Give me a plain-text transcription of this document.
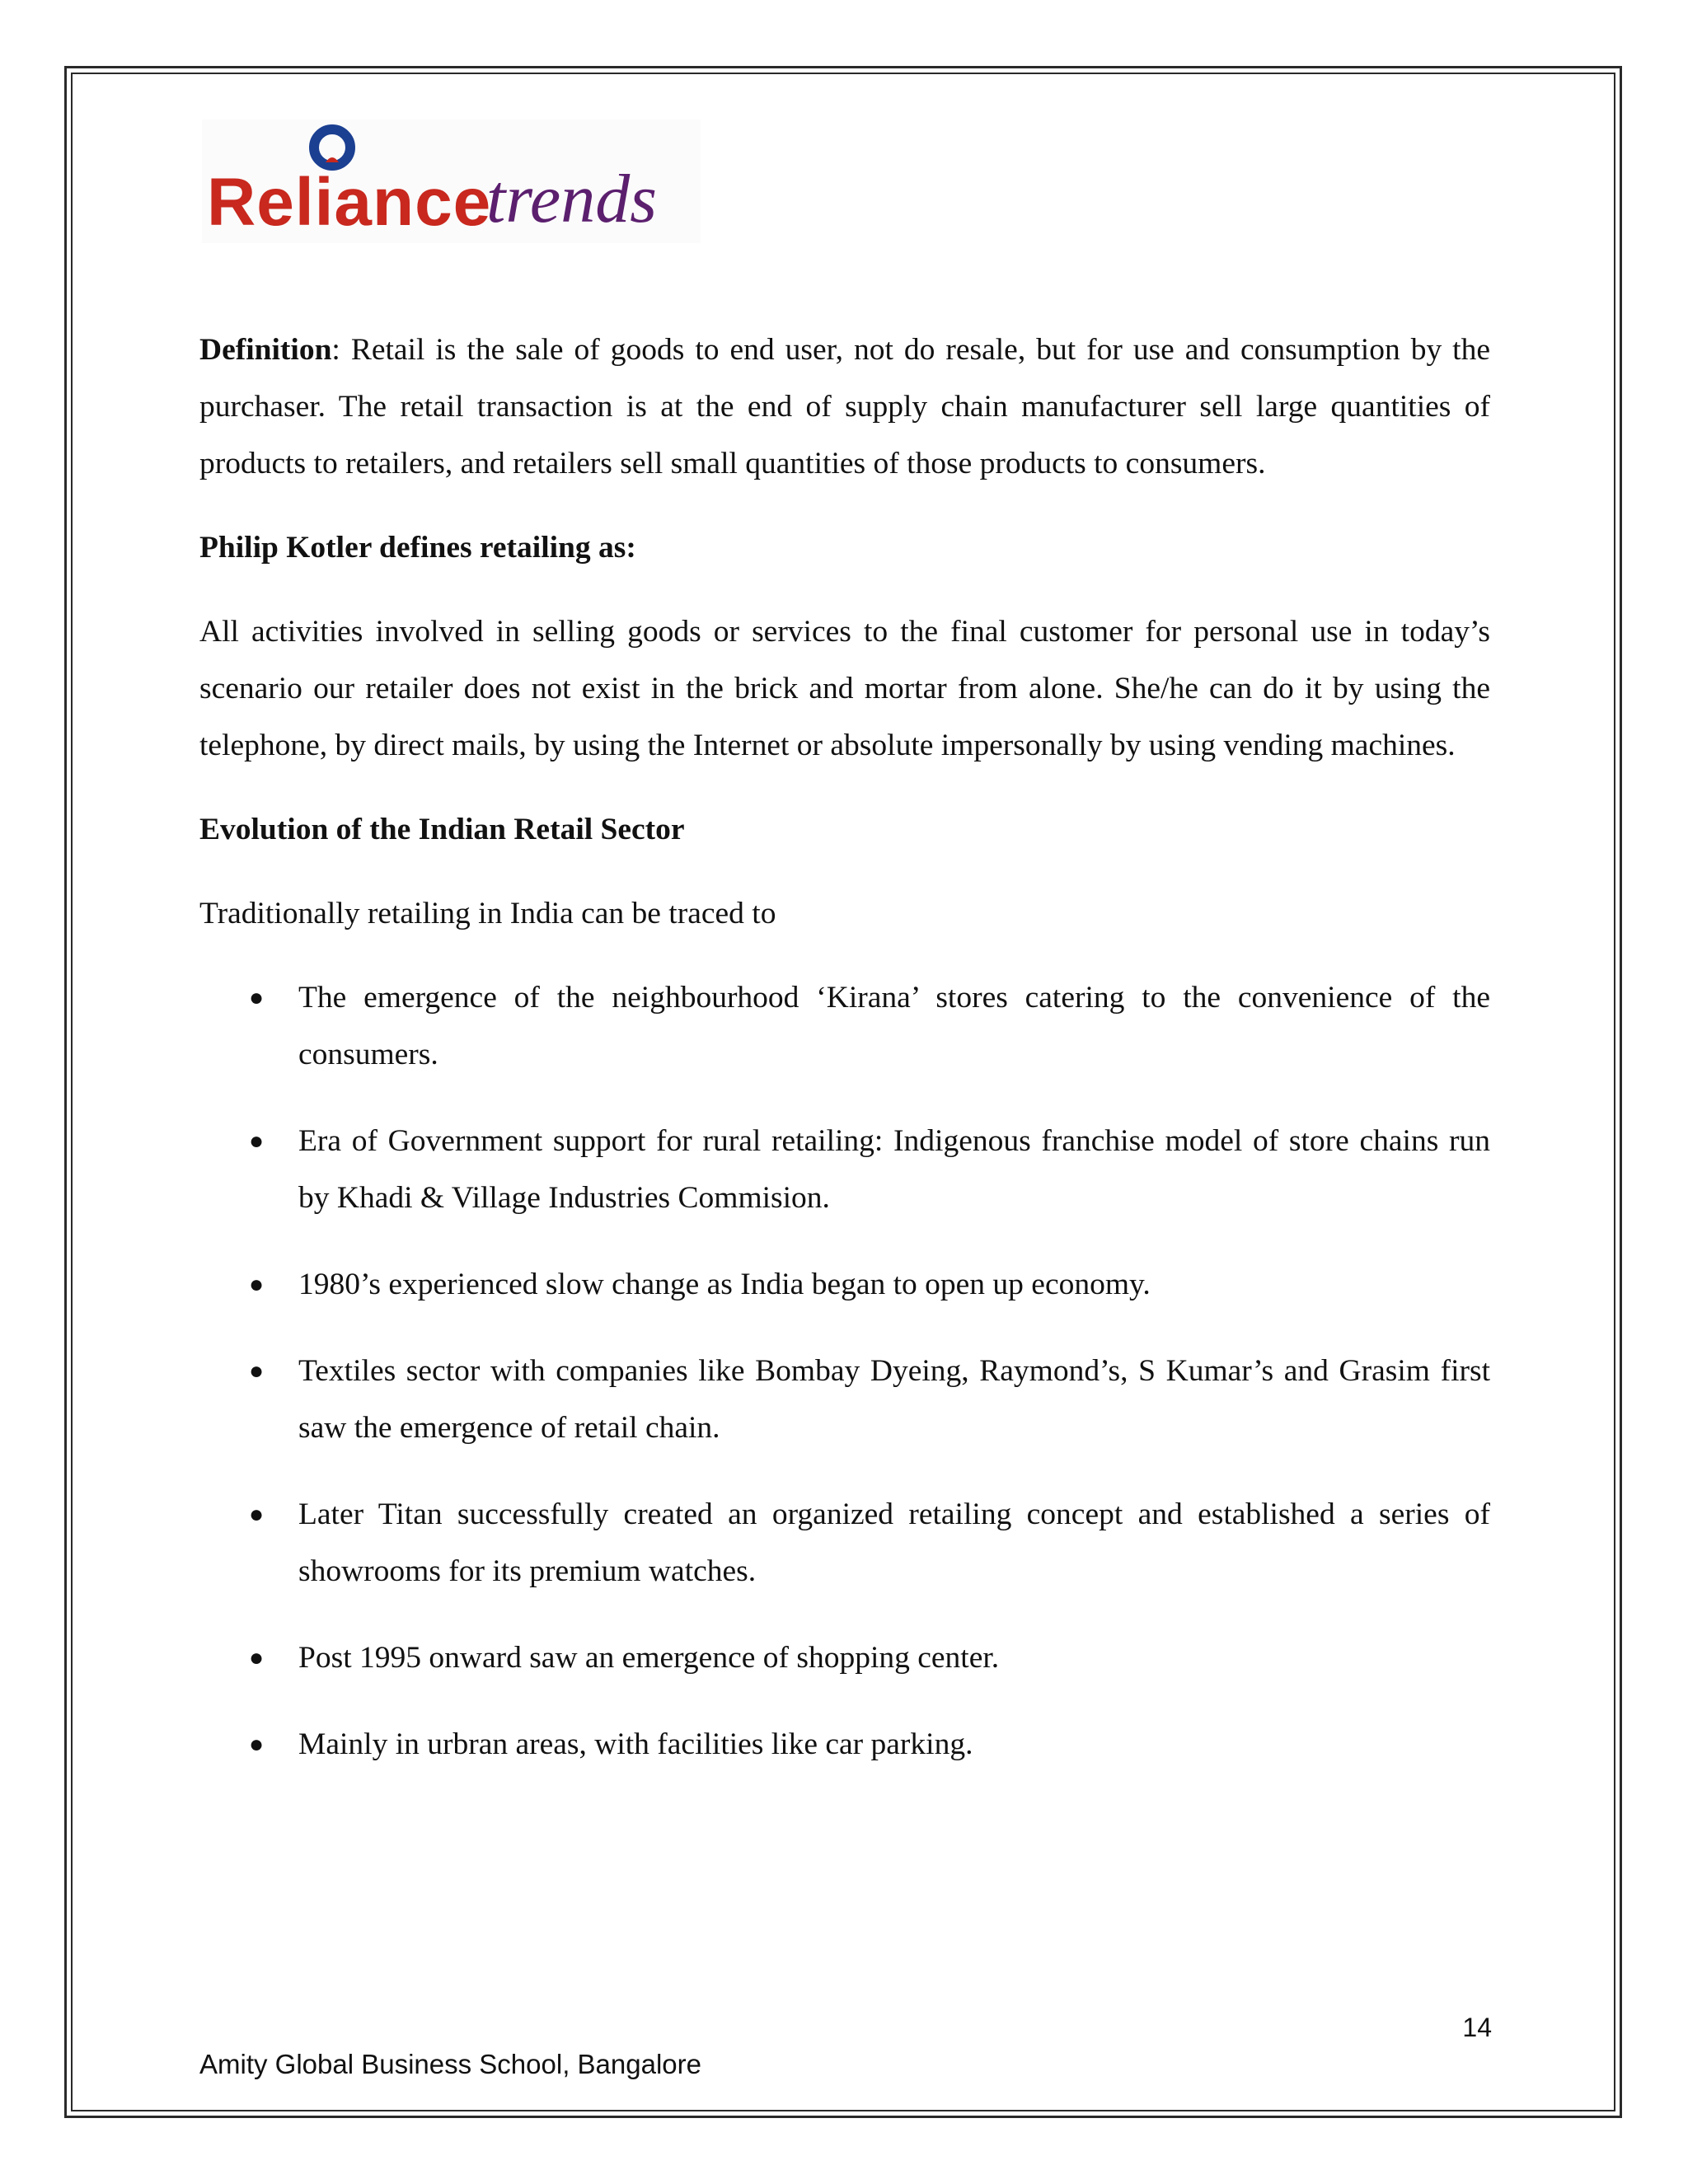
Reliance
trends

Definition: Retail is the sale of goods to end user, not do resale, but for use and consumption by the purchaser. The retail transaction is at the end of supply chain manufacturer sell large quantities of products to retailers, and retailers sell small quantities of those products to consumers.

Philip Kotler defines retailing as:

All activities involved in selling goods or services to the final customer for personal use in today’s scenario our retailer does not exist in the brick and mortar from alone. She/he can do it by using the telephone, by direct mails, by using the Internet or absolute impersonally by using vending machines.

Evolution of the Indian Retail Sector

Traditionally retailing in India can be traced to

● The emergence of the neighbourhood ‘Kirana’ stores catering to the convenience of the consumers.
● Era of Government support for rural retailing: Indigenous franchise model of store chains run by Khadi & Village Industries Commision.
● 1980’s experienced slow change as India began to open up economy.
● Textiles sector with companies like Bombay Dyeing, Raymond’s, S Kumar’s and Grasim first saw the emergence of retail chain.
● Later Titan successfully created an organized retailing concept and established a series of showrooms for its premium watches.
● Post 1995 onward saw an emergence of shopping center.
● Mainly in urbran areas, with facilities like car parking.
14
Amity Global Business School, Bangalore
